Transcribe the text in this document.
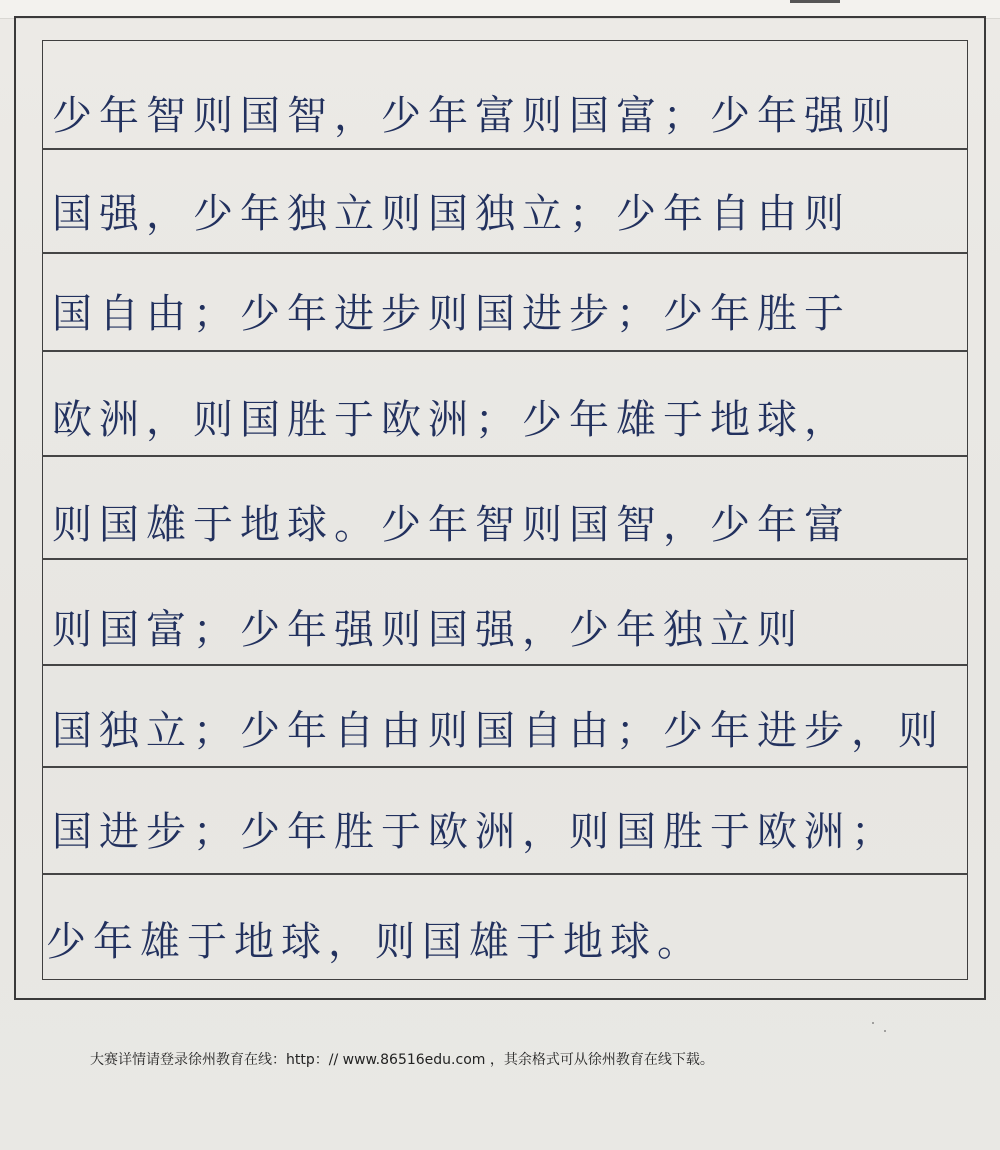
少年智则国智，少年富则国富；少年强则
国强，少年独立则国独立；少年自由则
国自由；少年进步则国进步；少年胜于
欧洲，则国胜于欧洲；少年雄于地球，
则国雄于地球。少年智则国智，少年富
则国富；少年强则国强，少年独立则
国独立；少年自由则国自由；少年进步，则
国进步；少年胜于欧洲，则国胜于欧洲；
少年雄于地球，则国雄于地球。
大赛详情请登录徐州教育在线：http：// www.86516edu.com ，其余格式可从徐州教育在线下载。
